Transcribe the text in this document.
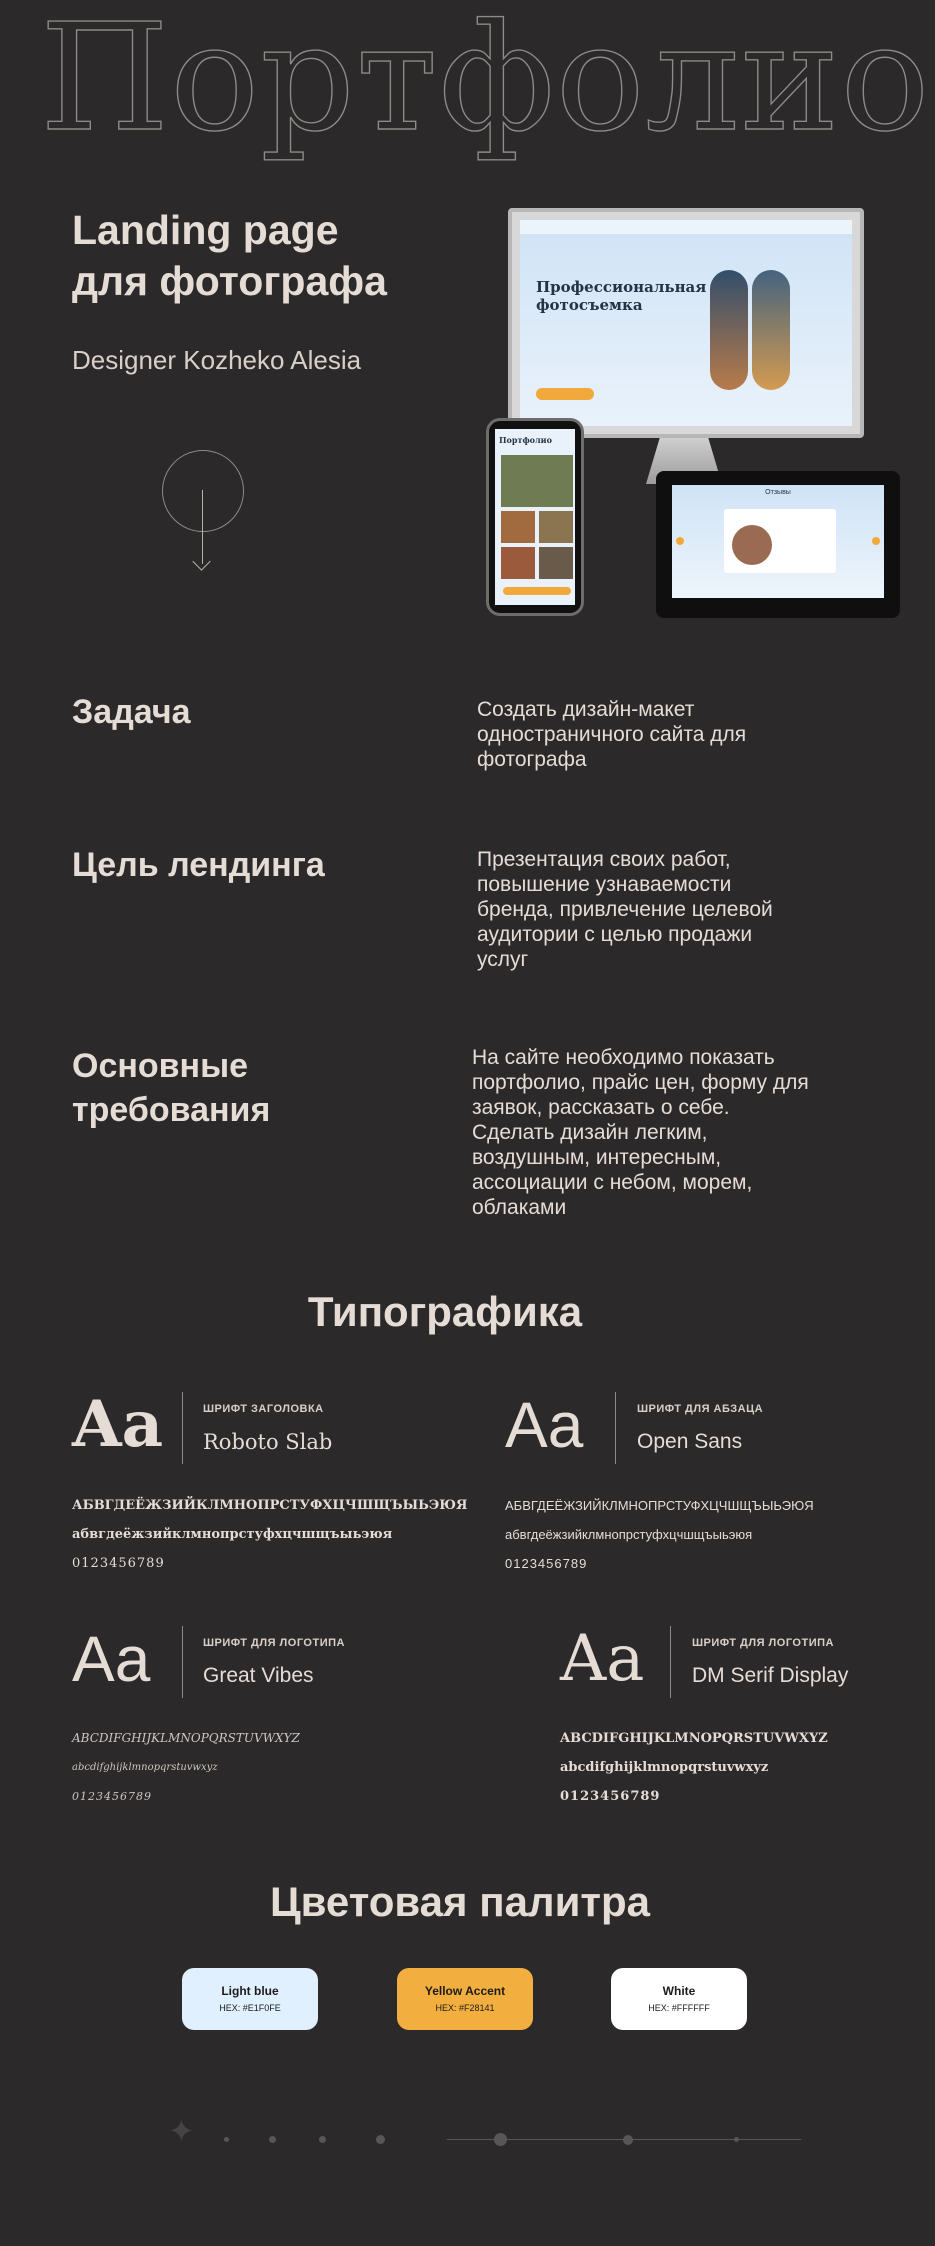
Портфолио
Landing page
для фотографа
Designer Kozheko Alesia
Профессиональная
фотосъемка
Портфолио
Отзывы
Задача	Создать дизайн-макет
одностраничного сайта для
фотографа
Цель лендинга	Презентация своих работ,
повышение узнаваемости
бренда, привлечение целевой
аудитории с целью продажи
услуг
Основные
требования
На сайте необходимо показать
портфолио, прайс цен, форму для
заявок, рассказать о себе.
Сделать дизайн легким,
воздушным, интересным,
ассоциации с небом, морем,
облаками
Типографика
Aa	ШРИФТ ЗАГОЛОВКА
Roboto Slab
АБВГДЕЁЖЗИЙКЛМНОПРСТУФХЦЧШЩЪЫЬЭЮЯ
абвгдеёжзийклмнопрстуфхцчшщъыьэюя
0123456789
Aa	ШРИФТ ДЛЯ АБЗАЦА
Open Sans
АБВГДЕЁЖЗИЙКЛМНОПРСТУФХЦЧШЩЪЫЬЭЮЯ
абвгдеёжзийклмнопрстуфхцчшщъыьэюя
0123456789
Aa	ШРИФТ ДЛЯ ЛОГОТИПА
Great Vibes
ABCDIFGHIJKLMNOPQRSTUVWXYZ
abcdifghijklmnopqrstuvwxyz
0123456789
Aa	ШРИФТ ДЛЯ ЛОГОТИПА
DM Serif Display
ABCDIFGHIJKLMNOPQRSTUVWXYZ
abcdifghijklmnopqrstuvwxyz
0123456789
Цветовая палитра
Light blue
HEX: #E1F0FE
Yellow Accent
HEX: #F28141
White
HEX: #FFFFFF
✦
